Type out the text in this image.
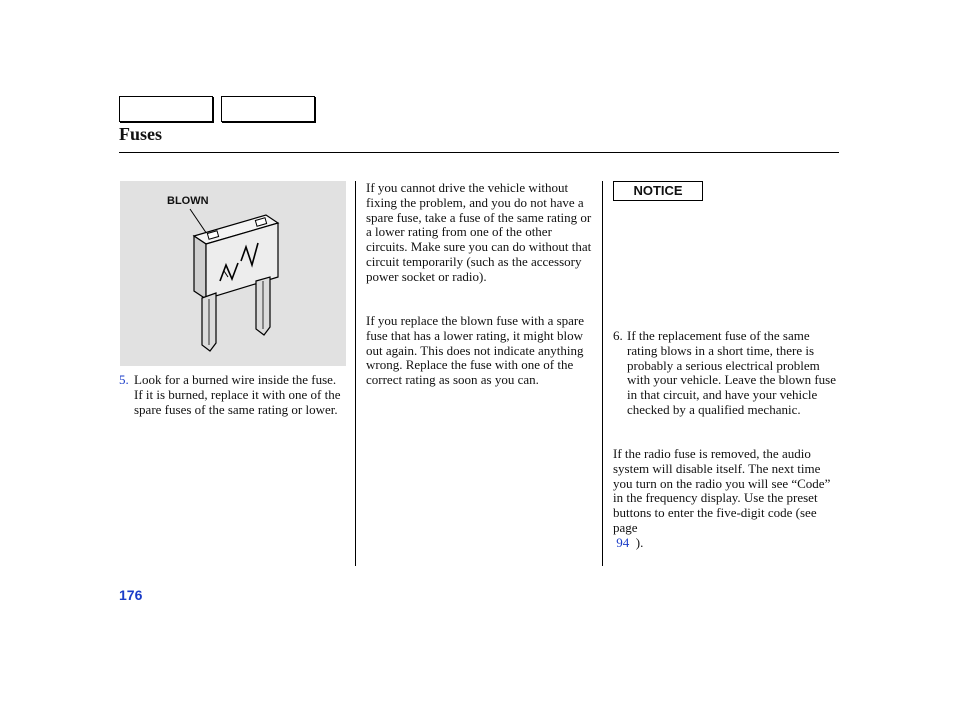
Fuses
BLOWN
5. Look for a burned wire inside the fuse. If it is burned, replace it with one of the spare fuses of the same rating or lower.

If you cannot drive the vehicle without fixing the problem, and you do not have a spare fuse, take a fuse of the same rating or a lower rating from one of the other circuits. Make sure you can do without that circuit temporarily (such as the accessory power socket or radio).

If you replace the blown fuse with a spare fuse that has a lower rating, it might blow out again. This does not indicate anything wrong. Replace the fuse with one of the correct rating as soon as you can.

NOTICE
6. If the replacement fuse of the same rating blows in a short time, there is probably a serious electrical problem with your vehicle. Leave the blown fuse in that circuit, and have your vehicle checked by a qualified mechanic.

If the radio fuse is removed, the audio system will disable itself. The next time you turn on the radio you will see “Code” in the frequency display. Use the preset buttons to enter the five-digit code (see page
94 ).

176
